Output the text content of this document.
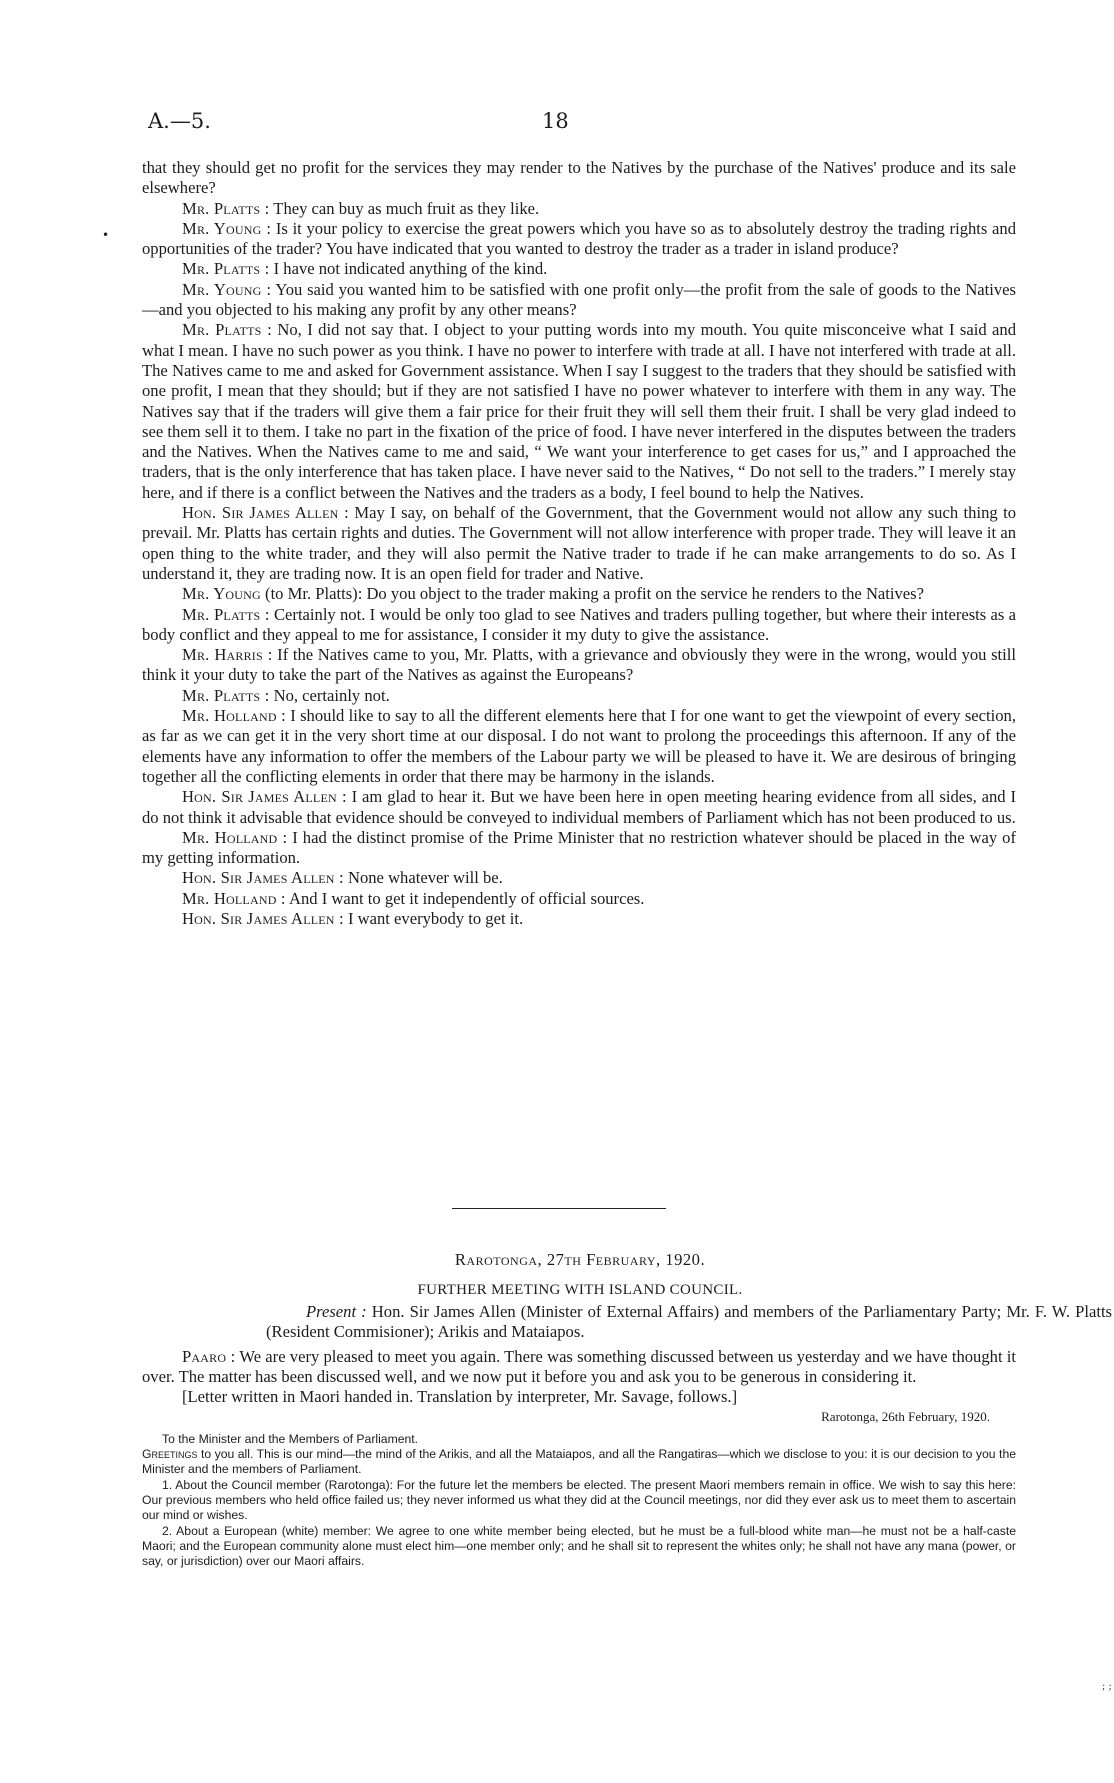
A.—5.	18
•

that they should get no profit for the services they may render to the Natives by the purchase of the Natives' produce and its sale elsewhere?

Mr. Platts : They can buy as much fruit as they like.

Mr. Young : Is it your policy to exercise the great powers which you have so as to absolutely destroy the trading rights and opportunities of the trader? You have indicated that you wanted to destroy the trader as a trader in island produce?

Mr. Platts : I have not indicated anything of the kind.

Mr. Young : You said you wanted him to be satisfied with one profit only—the profit from the sale of goods to the Natives—and you objected to his making any profit by any other means?

Mr. Platts : No, I did not say that. I object to your putting words into my mouth. You quite misconceive what I said and what I mean. I have no such power as you think. I have no power to interfere with trade at all. I have not interfered with trade at all. The Natives came to me and asked for Government assistance. When I say I suggest to the traders that they should be satisfied with one profit, I mean that they should; but if they are not satisfied I have no power whatever to interfere with them in any way. The Natives say that if the traders will give them a fair price for their fruit they will sell them their fruit. I shall be very glad indeed to see them sell it to them. I take no part in the fixation of the price of food. I have never interfered in the disputes between the traders and the Natives. When the Natives came to me and said, “ We want your interference to get cases for us,” and I approached the traders, that is the only interference that has taken place. I have never said to the Natives, “ Do not sell to the traders.” I merely stay here, and if there is a conflict between the Natives and the traders as a body, I feel bound to help the Natives.

Hon. Sir James Allen : May I say, on behalf of the Government, that the Government would not allow any such thing to prevail. Mr. Platts has certain rights and duties. The Government will not allow interference with proper trade. They will leave it an open thing to the white trader, and they will also permit the Native trader to trade if he can make arrangements to do so. As I understand it, they are trading now. It is an open field for trader and Native.

Mr. Young (to Mr. Platts): Do you object to the trader making a profit on the service he renders to the Natives?

Mr. Platts : Certainly not. I would be only too glad to see Natives and traders pulling together, but where their interests as a body conflict and they appeal to me for assistance, I consider it my duty to give the assistance.

Mr. Harris : If the Natives came to you, Mr. Platts, with a grievance and obviously they were in the wrong, would you still think it your duty to take the part of the Natives as against the Europeans?

Mr. Platts : No, certainly not.

Mr. Holland : I should like to say to all the different elements here that I for one want to get the viewpoint of every section, as far as we can get it in the very short time at our disposal. I do not want to prolong the proceedings this afternoon. If any of the elements have any information to offer the members of the Labour party we will be pleased to have it. We are desirous of bringing together all the conflicting elements in order that there may be harmony in the islands.

Hon. Sir James Allen : I am glad to hear it. But we have been here in open meeting hearing evidence from all sides, and I do not think it advisable that evidence should be conveyed to individual members of Parliament which has not been produced to us.

Mr. Holland : I had the distinct promise of the Prime Minister that no restriction whatever should be placed in the way of my getting information.

Hon. Sir James Allen : None whatever will be.

Mr. Holland : And I want to get it independently of official sources.

Hon. Sir James Allen : I want everybody to get it.

Rarotonga, 27th February, 1920.
FURTHER MEETING WITH ISLAND COUNCIL.

Present : Hon. Sir James Allen (Minister of External Affairs) and members of the Parliamentary Party; Mr. F. W. Platts (Resident Commisioner); Arikis and Mataiapos.

Paaro : We are very pleased to meet you again. There was something discussed between us yesterday and we have thought it over. The matter has been discussed well, and we now put it before you and ask you to be generous in considering it.

[Letter written in Maori handed in. Translation by interpreter, Mr. Savage, follows.]

Rarotonga, 26th February, 1920.

To the Minister and the Members of Parliament.

Greetings to you all. This is our mind—the mind of the Arikis, and all the Mataiapos, and all the Rangatiras—which we disclose to you: it is our decision to you the Minister and the members of Parliament.

1. About the Council member (Rarotonga): For the future let the members be elected. The present Maori members remain in office. We wish to say this here: Our previous members who held office failed us; they never informed us what they did at the Council meetings, nor did they ever ask us to meet them to ascertain our mind or wishes.

2. About a European (white) member: We agree to one white member being elected, but he must be a full-blood white man—he must not be a half-caste Maori; and the European community alone must elect him—one member only; and he shall sit to represent the whites only; he shall not have any mana (power, or say, or jurisdiction) over our Maori affairs.

; ;
